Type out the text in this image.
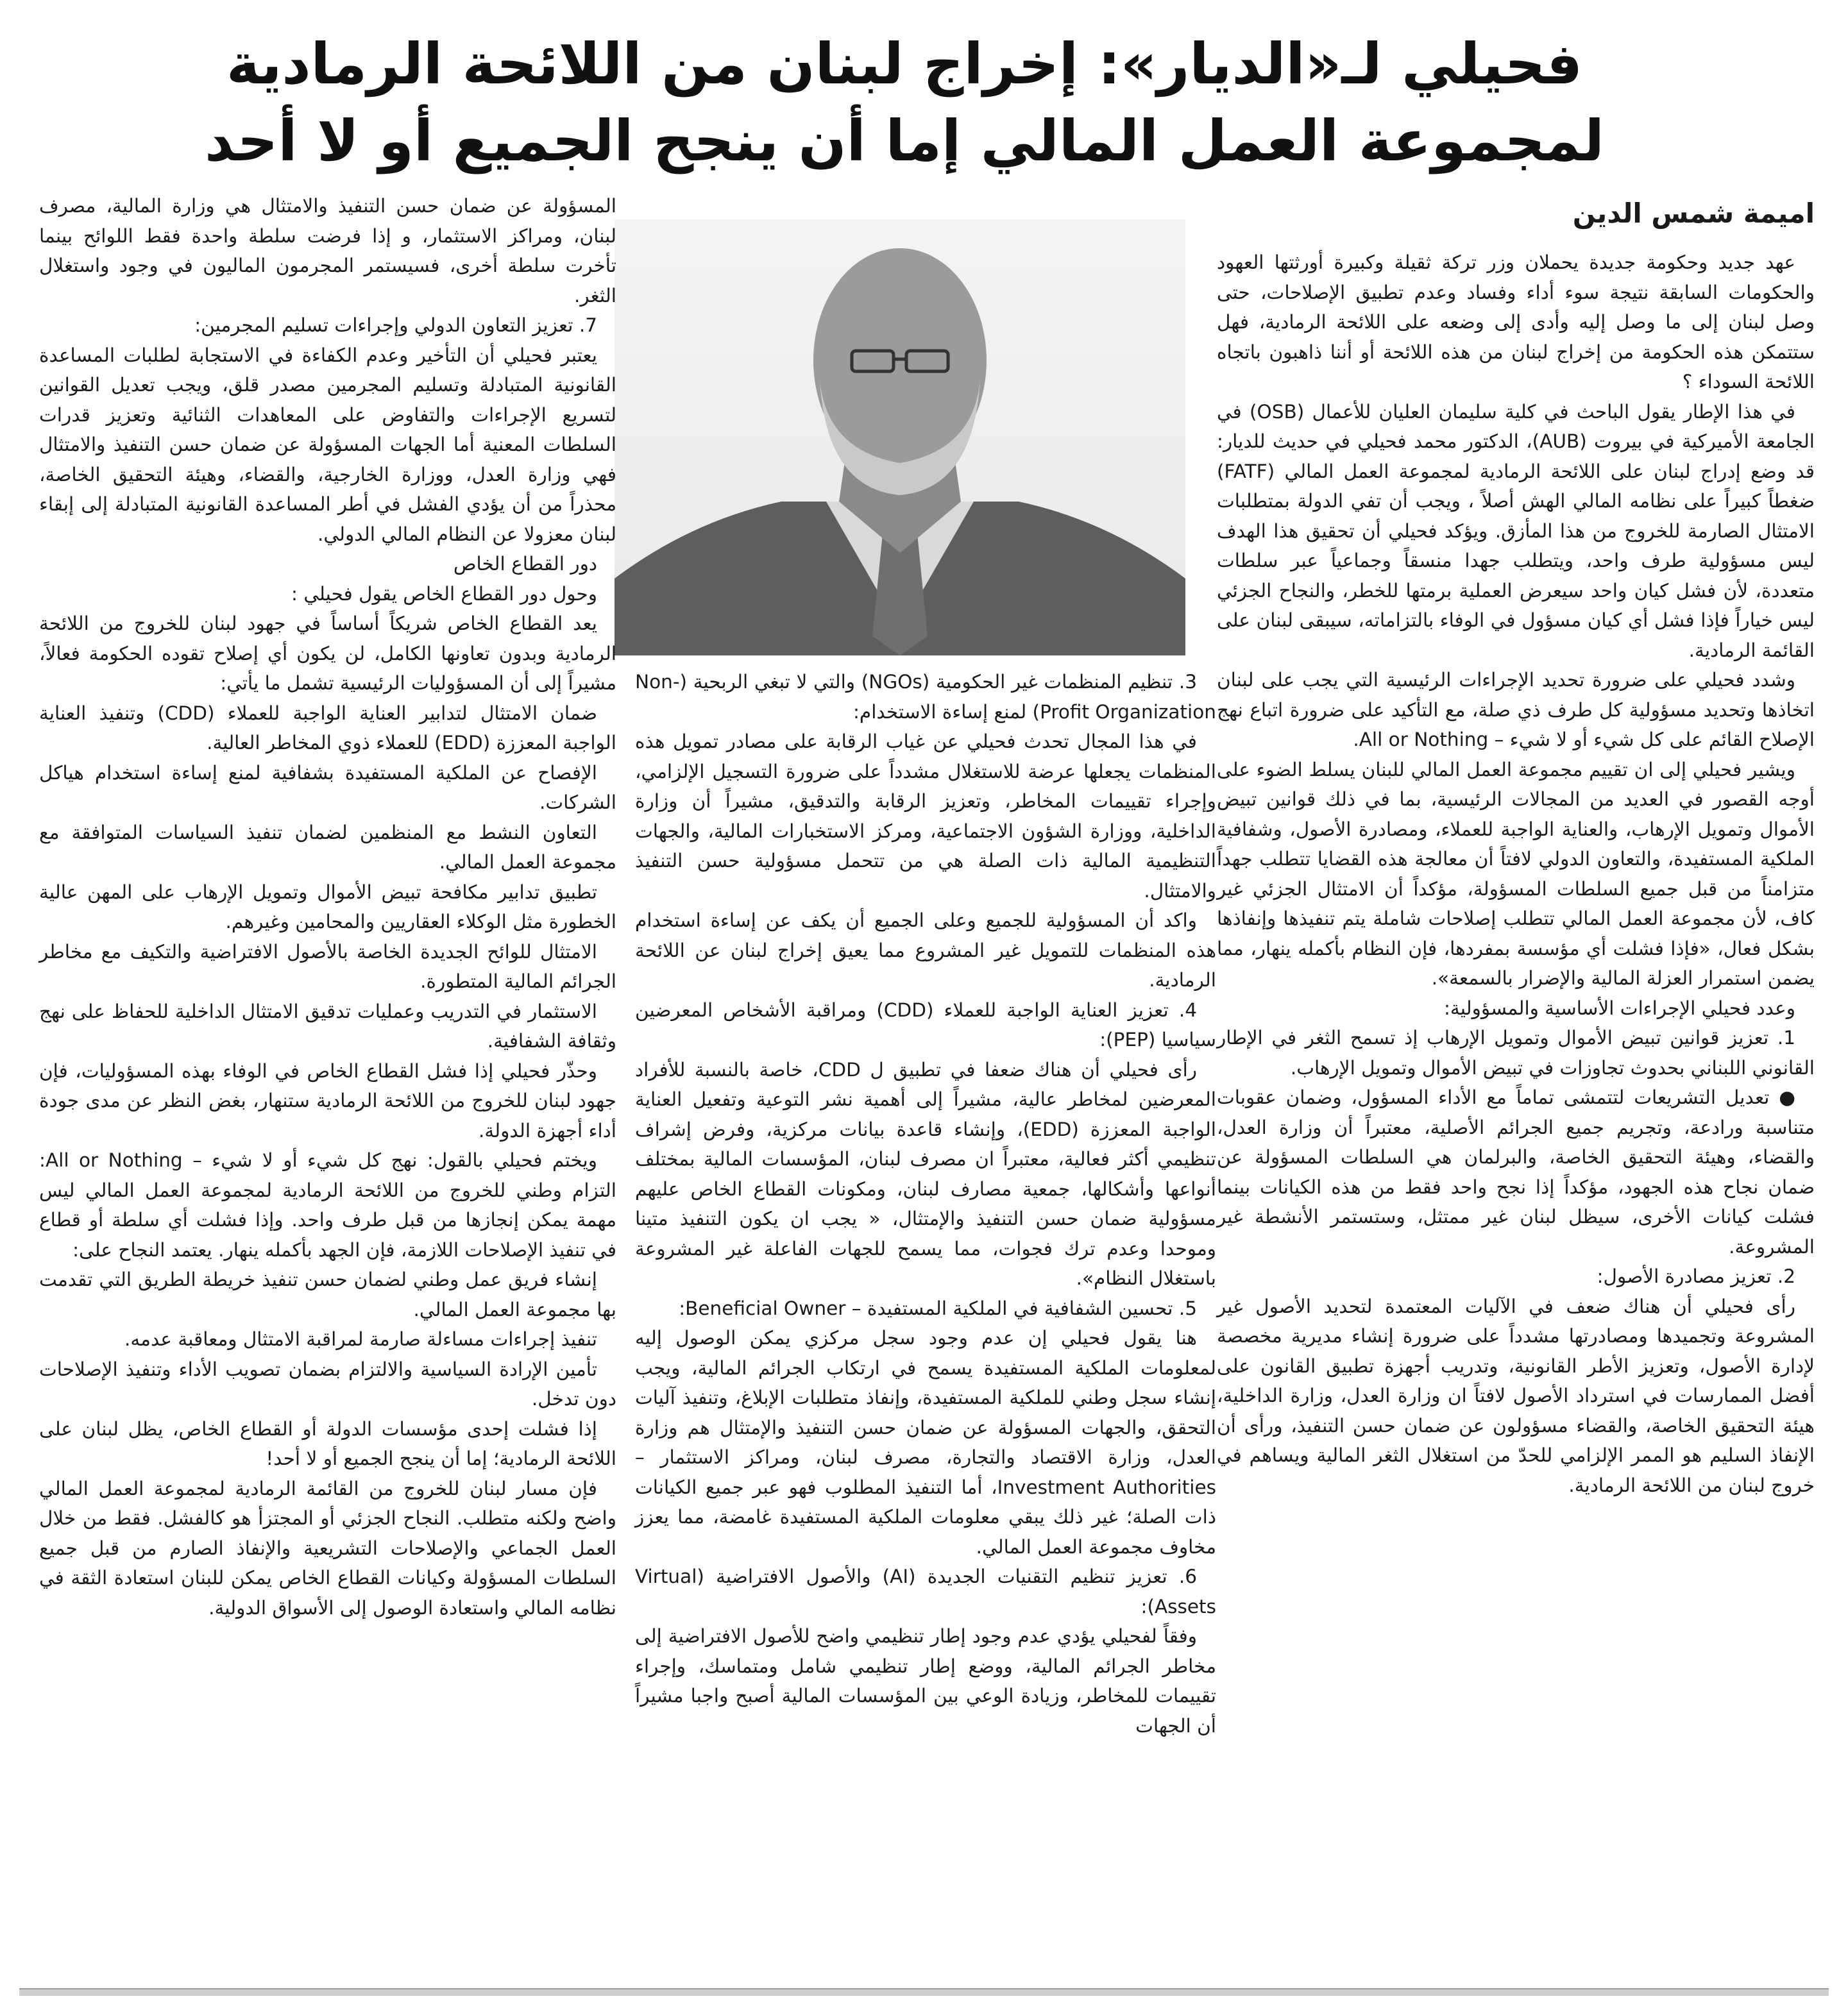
فحيلي لـ«الديار»: إخراج لبنان من اللائحة الرمادية
لمجموعة العمل المالي إما أن ينجح الجميع أو لا أحد

اميمة شمس الدين

عهد جديد وحكومة جديدة يحملان وزر تركة ثقيلة وكبيرة أورثتها العهود والحكومات السابقة نتيجة سوء أداء وفساد وعدم تطبيق الإصلاحات، حتى وصل لبنان إلى ما وصل إليه وأدى إلى وضعه على اللائحة الرمادية، فهل ستتمكن هذه الحكومة من إخراج لبنان من هذه اللائحة أو أننا ذاهبون باتجاه اللائحة السوداء ؟

في هذا الإطار يقول الباحث في كلية سليمان العليان للأعمال (OSB) في الجامعة الأميركية في بيروت (AUB)، الدكتور محمد فحيلي في حديث للديار: قد وضع إدراج لبنان على اللائحة الرمادية لمجموعة العمل المالي (FATF) ضغطاً كبيراً على نظامه المالي الهش أصلاً ، ويجب أن تفي الدولة بمتطلبات الامتثال الصارمة للخروج من هذا المأزق. ويؤكد فحيلي أن تحقيق هذا الهدف ليس مسؤولية طرف واحد، ويتطلب جهدا منسقاً وجماعياً عبر سلطات متعددة، لأن فشل كيان واحد سيعرض العملية برمتها للخطر، والنجاح الجزئي ليس خياراً فإذا فشل أي كيان مسؤول في الوفاء بالتزاماته، سيبقى لبنان على القائمة الرمادية.

وشدد فحيلي على ضرورة تحديد الإجراءات الرئيسية التي يجب على لبنان اتخاذها وتحديد مسؤولية كل طرف ذي صلة، مع التأكيد على ضرورة اتباع نهج الإصلاح القائم على كل شيء أو لا شيء – All or Nothing.

ويشير فحيلي إلى ان تقييم مجموعة العمل المالي للبنان يسلط الضوء على أوجه القصور في العديد من المجالات الرئيسية، بما في ذلك قوانين تبيض الأموال وتمويل الإرهاب، والعناية الواجبة للعملاء، ومصادرة الأصول، وشفافية الملكية المستفيدة، والتعاون الدولي لافتاً أن معالجة هذه القضايا تتطلب جهداً متزامناً من قبل جميع السلطات المسؤولة، مؤكداً أن الامتثال الجزئي غير كاف، لأن مجموعة العمل المالي تتطلب إصلاحات شاملة يتم تنفيذها وإنفاذها بشكل فعال، «فإذا فشلت أي مؤسسة بمفردها، فإن النظام بأكمله ينهار، مما يضمن استمرار العزلة المالية والإضرار بالسمعة».

وعدد فحيلي الإجراءات الأساسية والمسؤولية:

1. تعزيز قوانين تبيض الأموال وتمويل الإرهاب إذ تسمح الثغر في الإطار القانوني اللبناني بحدوث تجاوزات في تبيض الأموال وتمويل الإرهاب.

● تعديل التشريعات لتتمشى تماماً مع الأداء المسؤول، وضمان عقوبات متناسبة ورادعة، وتجريم جميع الجرائم الأصلية، معتبراً أن وزارة العدل، والقضاء، وهيئة التحقيق الخاصة، والبرلمان هي السلطات المسؤولة عن ضمان نجاح هذه الجهود، مؤكداً إذا نجح واحد فقط من هذه الكيانات بينما فشلت كيانات الأخرى، سيظل لبنان غير ممتثل، وستستمر الأنشطة غير المشروعة.

2. تعزيز مصادرة الأصول:

رأى فحيلي أن هناك ضعف في الآليات المعتمدة لتحديد الأصول غير المشروعة وتجميدها ومصادرتها مشدداً على ضرورة إنشاء مديرية مخصصة لإدارة الأصول، وتعزيز الأطر القانونية، وتدريب أجهزة تطبيق القانون على أفضل الممارسات في استرداد الأصول لافتاً ان وزارة العدل، وزارة الداخلية، هيئة التحقيق الخاصة، والقضاء مسؤولون عن ضمان حسن التنفيذ، ورأى أن الإنفاذ السليم هو الممر الإلزامي للحدّ من استغلال الثغر المالية ويساهم في خروج لبنان من اللائحة الرمادية.

3. تنظيم المنظمات غير الحكومية (NGOs) والتي لا تبغي الربحية (Non-Profit Organization) لمنع إساءة الاستخدام:

في هذا المجال تحدث فحيلي عن غياب الرقابة على مصادر تمويل هذه المنظمات يجعلها عرضة للاستغلال مشدداً على ضرورة التسجيل الإلزامي، وإجراء تقييمات المخاطر، وتعزيز الرقابة والتدقيق، مشيراً أن وزارة الداخلية، ووزارة الشؤون الاجتماعية، ومركز الاستخبارات المالية، والجهات التنظيمية المالية ذات الصلة هي من تتحمل مسؤولية حسن التنفيذ والامتثال.

واكد أن المسؤولية للجميع وعلى الجميع أن يكف عن إساءة استخدام هذه المنظمات للتمويل غير المشروع مما يعيق إخراج لبنان عن اللائحة الرمادية.

4. تعزيز العناية الواجبة للعملاء (CDD) ومراقبة الأشخاص المعرضين سياسيا (PEP):

رأى فحيلي أن هناك ضعفا في تطبيق ل CDD، خاصة بالنسبة للأفراد المعرضين لمخاطر عالية، مشيراً إلى أهمية نشر التوعية وتفعيل العناية الواجبة المعززة (EDD)، وإنشاء قاعدة بيانات مركزية، وفرض إشراف تنظيمي أكثر فعالية، معتبراً ان مصرف لبنان، المؤسسات المالية بمختلف أنواعها وأشكالها، جمعية مصارف لبنان، ومكونات القطاع الخاص عليهم مسؤولية ضمان حسن التنفيذ والإمتثال، « يجب ان يكون التنفيذ متينا وموحدا وعدم ترك فجوات، مما يسمح للجهات الفاعلة غير المشروعة باستغلال النظام».

5. تحسين الشفافية في الملكية المستفيدة – Beneficial Owner:

هنا يقول فحيلي إن عدم وجود سجل مركزي يمكن الوصول إليه لمعلومات الملكية المستفيدة يسمح في ارتكاب الجرائم المالية، ويجب إنشاء سجل وطني للملكية المستفيدة، وإنفاذ متطلبات الإبلاغ، وتنفيذ آليات التحقق، والجهات المسؤولة عن ضمان حسن التنفيذ والإمتثال هم وزارة العدل، وزارة الاقتصاد والتجارة، مصرف لبنان، ومراكز الاستثمار – Investment Authorities، أما التنفيذ المطلوب فهو عبر جميع الكيانات ذات الصلة؛ غير ذلك يبقي معلومات الملكية المستفيدة غامضة، مما يعزز مخاوف مجموعة العمل المالي.

6. تعزيز تنظيم التقنيات الجديدة (AI) والأصول الافتراضية (Virtual Assets):

وفقاً لفحيلي يؤدي عدم وجود إطار تنظيمي واضح للأصول الافتراضية إلى مخاطر الجرائم المالية، ووضع إطار تنظيمي شامل ومتماسك، وإجراء تقييمات للمخاطر، وزيادة الوعي بين المؤسسات المالية أصبح واجبا مشيراً أن الجهات

المسؤولة عن ضمان حسن التنفيذ والامتثال هي وزارة المالية، مصرف لبنان، ومراكز الاستثمار، و إذا فرضت سلطة واحدة فقط اللوائح بينما تأخرت سلطة أخرى، فسيستمر المجرمون الماليون في وجود واستغلال الثغر.

7. تعزيز التعاون الدولي وإجراءات تسليم المجرمين:

يعتبر فحيلي أن التأخير وعدم الكفاءة في الاستجابة لطلبات المساعدة القانونية المتبادلة وتسليم المجرمين مصدر قلق، ويجب تعديل القوانين لتسريع الإجراءات والتفاوض على المعاهدات الثنائية وتعزيز قدرات السلطات المعنية أما الجهات المسؤولة عن ضمان حسن التنفيذ والامتثال فهي وزارة العدل، ووزارة الخارجية، والقضاء، وهيئة التحقيق الخاصة، محذراً من أن يؤدي الفشل في أطر المساعدة القانونية المتبادلة إلى إبقاء لبنان معزولا عن النظام المالي الدولي.

دور القطاع الخاص

وحول دور القطاع الخاص يقول فحيلي :

يعد القطاع الخاص شريكاً أساساً في جهود لبنان للخروج من اللائحة الرمادية وبدون تعاونها الكامل، لن يكون أي إصلاح تقوده الحكومة فعالاً، مشيراً إلى أن المسؤوليات الرئيسية تشمل ما يأتي:

ضمان الامتثال لتدابير العناية الواجبة للعملاء (CDD) وتنفيذ العناية الواجبة المعززة (EDD) للعملاء ذوي المخاطر العالية.

الإفصاح عن الملكية المستفيدة بشفافية لمنع إساءة استخدام هياكل الشركات.

التعاون النشط مع المنظمين لضمان تنفيذ السياسات المتوافقة مع مجموعة العمل المالي.

تطبيق تدابير مكافحة تبيض الأموال وتمويل الإرهاب على المهن عالية الخطورة مثل الوكلاء العقاريين والمحامين وغيرهم.

الامتثال للوائح الجديدة الخاصة بالأصول الافتراضية والتكيف مع مخاطر الجرائم المالية المتطورة.

الاستثمار في التدريب وعمليات تدقيق الامتثال الداخلية للحفاظ على نهج وثقافة الشفافية.

وحذّر فحيلي إذا فشل القطاع الخاص في الوفاء بهذه المسؤوليات، فإن جهود لبنان للخروج من اللائحة الرمادية ستنهار، بغض النظر عن مدى جودة أداء أجهزة الدولة.

ويختم فحيلي بالقول: نهج كل شيء أو لا شيء – All or Nothing: التزام وطني للخروج من اللائحة الرمادية لمجموعة العمل المالي ليس مهمة يمكن إنجازها من قبل طرف واحد. وإذا فشلت أي سلطة أو قطاع في تنفيذ الإصلاحات اللازمة، فإن الجهد بأكمله ينهار. يعتمد النجاح على:

إنشاء فريق عمل وطني لضمان حسن تنفيذ خريطة الطريق التي تقدمت بها مجموعة العمل المالي.

تنفيذ إجراءات مساءلة صارمة لمراقبة الامتثال ومعاقبة عدمه.

تأمين الإرادة السياسية والالتزام بضمان تصويب الأداء وتنفيذ الإصلاحات دون تدخل.

إذا فشلت إحدى مؤسسات الدولة أو القطاع الخاص، يظل لبنان على اللائحة الرمادية؛ إما أن ينجح الجميع أو لا أحد!

فإن مسار لبنان للخروج من القائمة الرمادية لمجموعة العمل المالي واضح ولكنه متطلب. النجاح الجزئي أو المجتزأ هو كالفشل. فقط من خلال العمل الجماعي والإصلاحات التشريعية والإنفاذ الصارم من قبل جميع السلطات المسؤولة وكيانات القطاع الخاص يمكن للبنان استعادة الثقة في نظامه المالي واستعادة الوصول إلى الأسواق الدولية.
